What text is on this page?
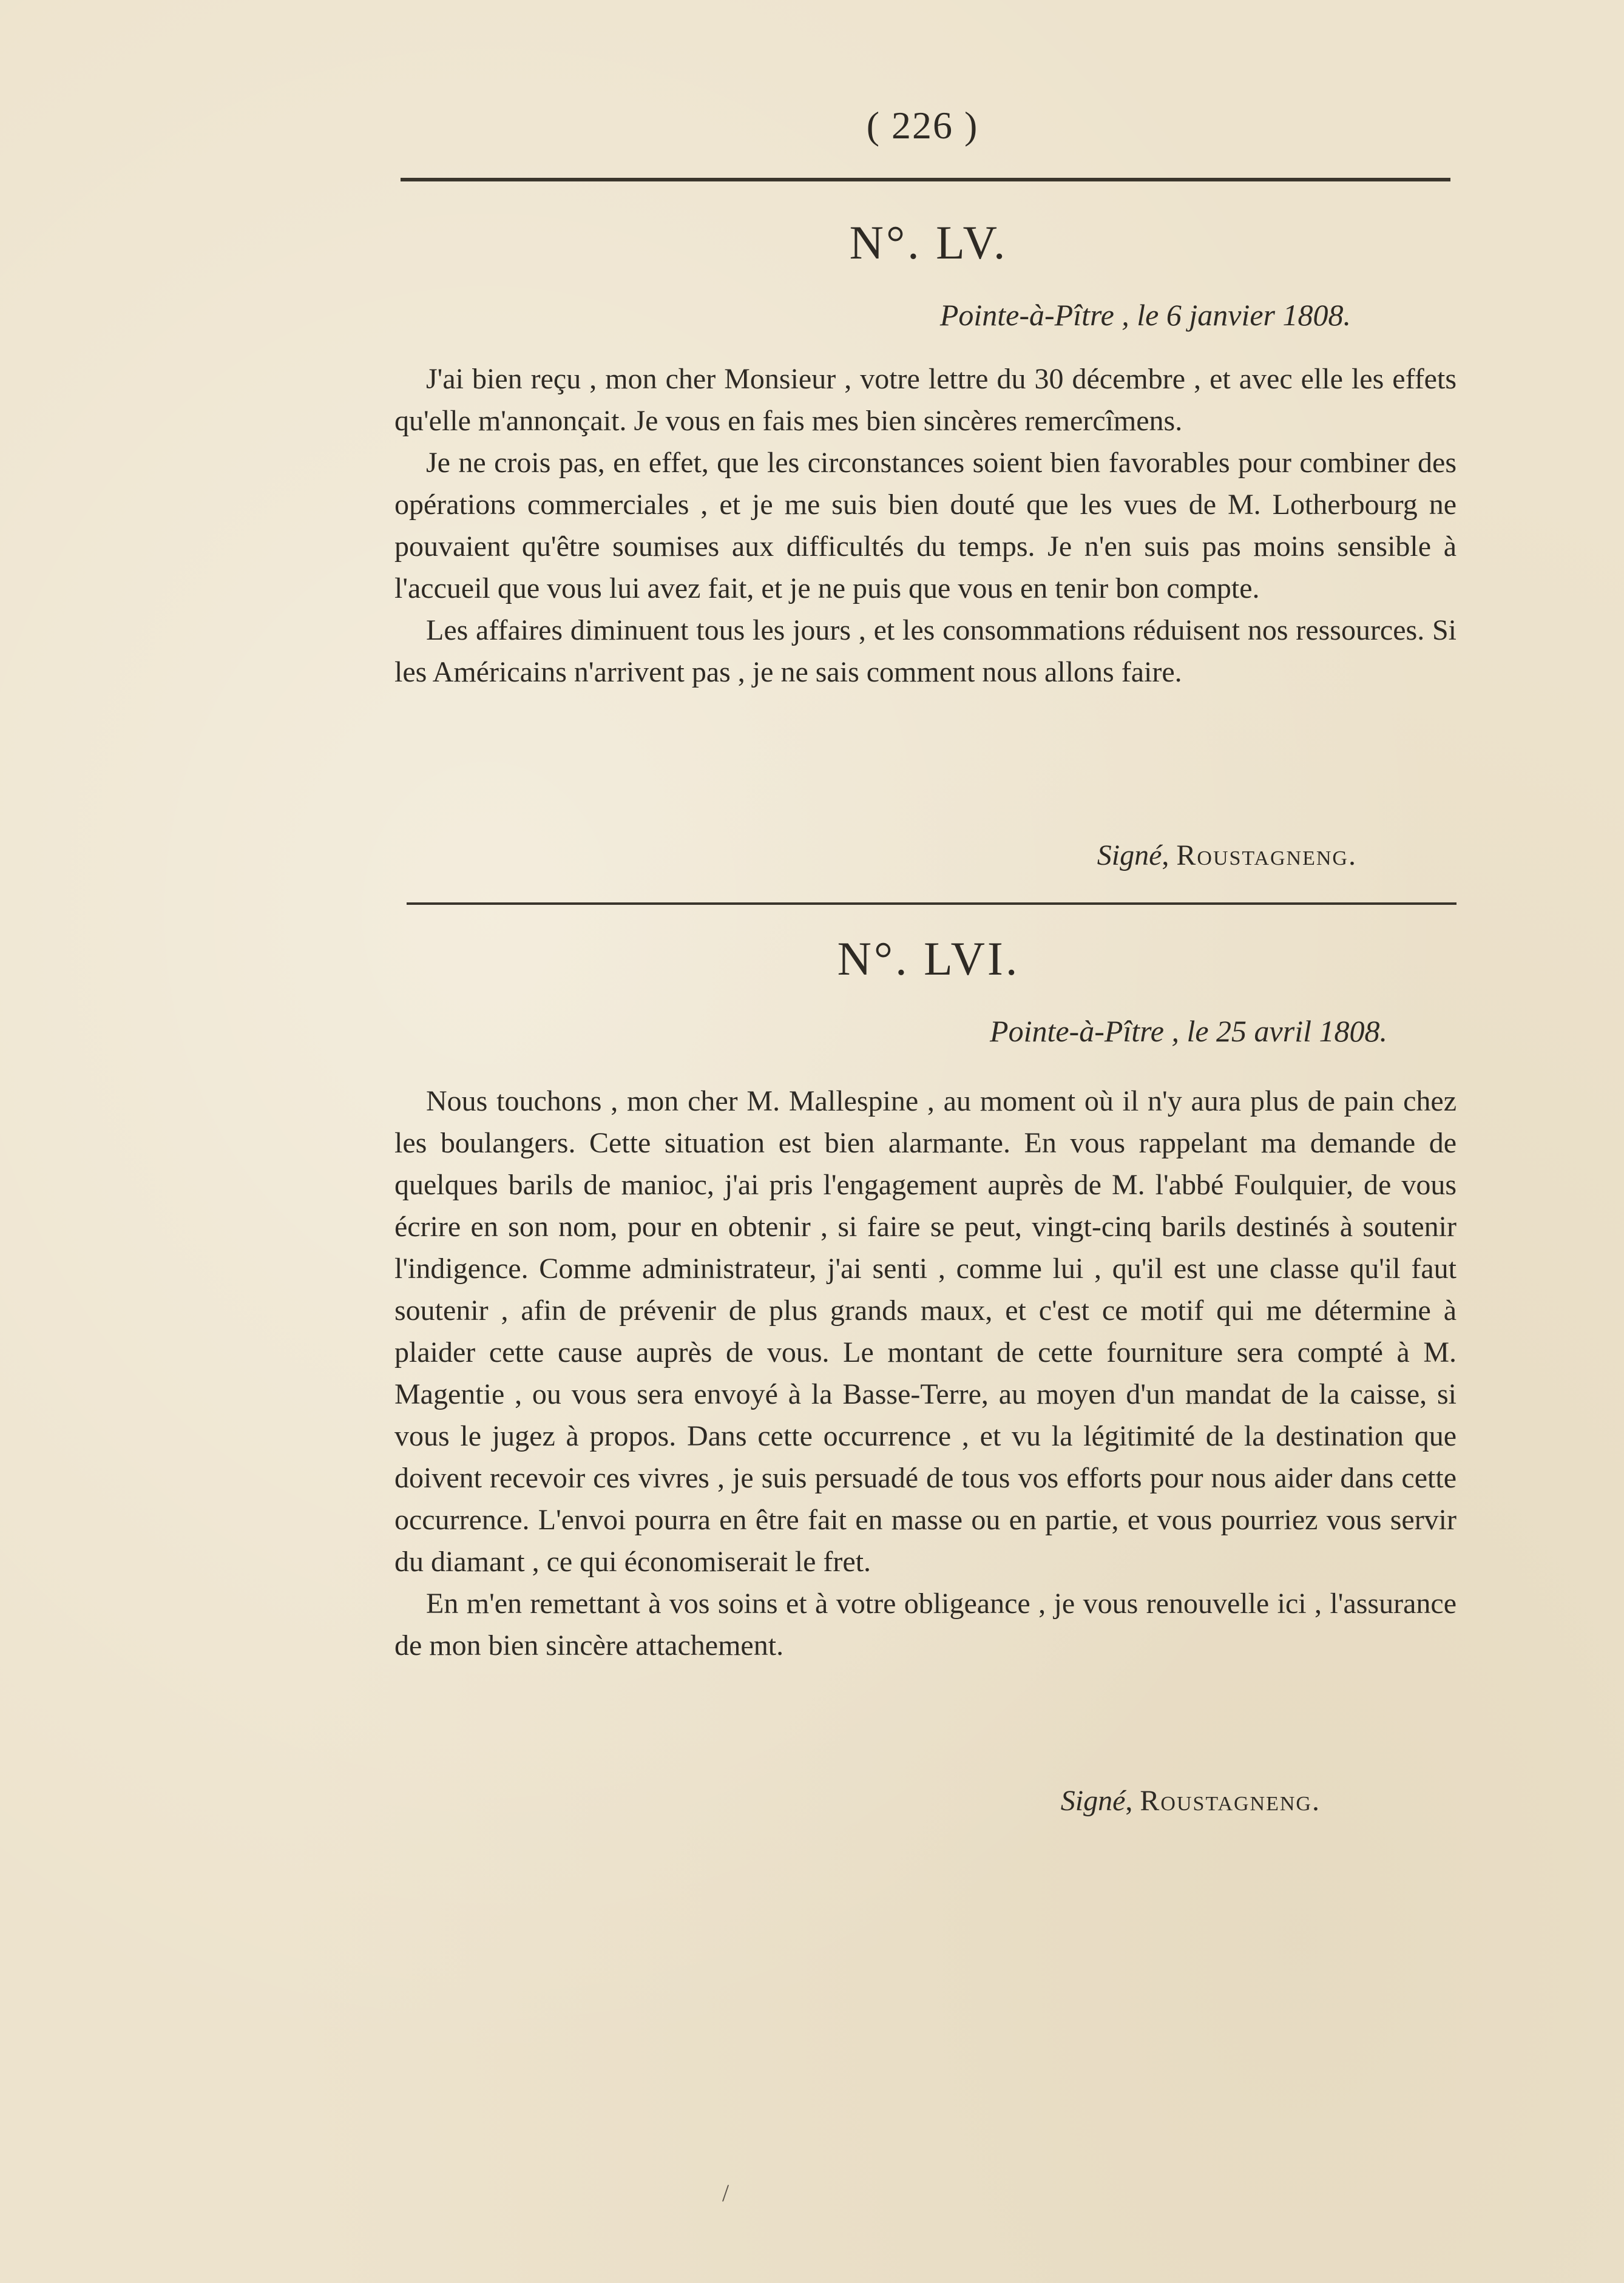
( 226 )
N°. LV.
Pointe-à-Pître , le 6 janvier 1808.

J'ai bien reçu , mon cher Monsieur , votre lettre du 30 décembre , et avec elle les effets qu'elle m'annonçait. Je vous en fais mes bien sincères remercîmens.

Je ne crois pas, en effet, que les circonstances soient bien favorables pour combiner des opérations commerciales , et je me suis bien douté que les vues de M. Lotherbourg ne pouvaient qu'être soumises aux difficultés du temps. Je n'en suis pas moins sensible à l'accueil que vous lui avez fait, et je ne puis que vous en tenir bon compte.

Les affaires diminuent tous les jours , et les consommations réduisent nos ressources. Si les Américains n'arrivent pas , je ne sais comment nous allons faire.

Signé, Roustagneng.
N°. LVI.
Pointe-à-Pître , le 25 avril 1808.

Nous touchons , mon cher M. Mallespine , au moment où il n'y aura plus de pain chez les boulangers. Cette situation est bien alarmante. En vous rappelant ma demande de quelques barils de manioc, j'ai pris l'engagement auprès de M. l'abbé Foulquier, de vous écrire en son nom, pour en obtenir , si faire se peut, vingt-cinq barils destinés à soutenir l'indigence. Comme administrateur, j'ai senti , comme lui , qu'il est une classe qu'il faut soutenir , afin de prévenir de plus grands maux, et c'est ce motif qui me détermine à plaider cette cause auprès de vous. Le montant de cette fourniture sera compté à M. Magentie , ou vous sera envoyé à la Basse-Terre, au moyen d'un mandat de la caisse, si vous le jugez à propos. Dans cette occurrence , et vu la légitimité de la destination que doivent recevoir ces vivres , je suis persuadé de tous vos efforts pour nous aider dans cette occurrence. L'envoi pourra en être fait en masse ou en partie, et vous pourriez vous servir du diamant , ce qui économiserait le fret.

En m'en remettant à vos soins et à votre obligeance , je vous renouvelle ici , l'assurance de mon bien sincère attachement.

Signé, Roustagneng.
/
